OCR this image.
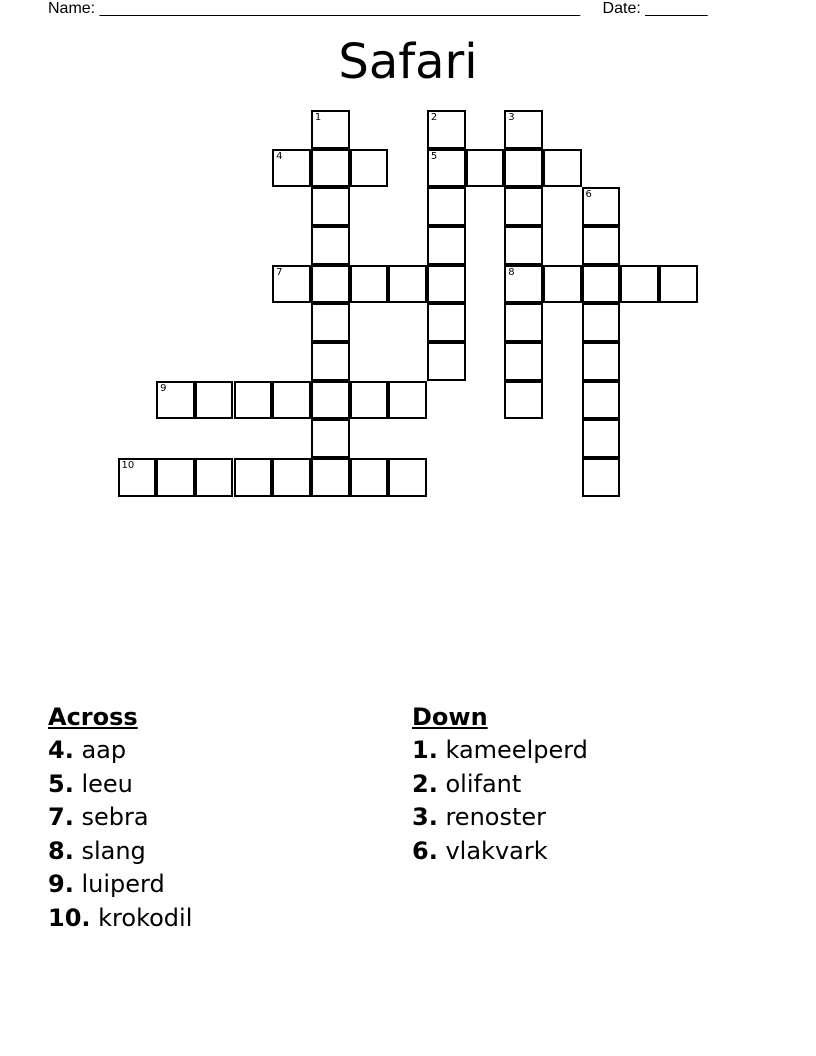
Name: ______________________________________________________ Date: _______
Safari
1	2
5
3
8
4
6
7
9
10
Across
4. aap
5. leeu
7. sebra
8. slang
9. luiperd
10. krokodil
Down
1. kameelperd
2. olifant
3. renoster
6. vlakvark
